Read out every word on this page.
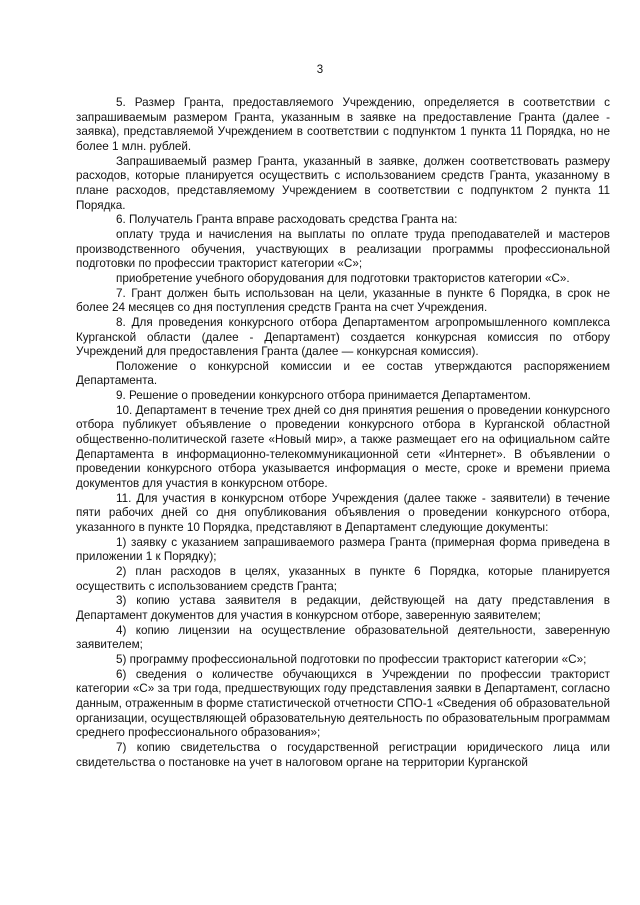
3

5. Размер Гранта, предоставляемого Учреждению, определяется в соответствии с запрашиваемым размером Гранта, указанным в заявке на предоставление Гранта (далее - заявка), представляемой Учреждением в соответствии с подпунктом 1 пункта 11 Порядка, но не более 1 млн. рублей.

Запрашиваемый размер Гранта, указанный в заявке, должен соответствовать размеру расходов, которые планируется осуществить с использованием средств Гранта, указанному в плане расходов, представляемому Учреждением в соответствии с подпунктом 2 пункта 11 Порядка.

6. Получатель Гранта вправе расходовать средства Гранта на:

оплату труда и начисления на выплаты по оплате труда преподавателей и мастеров производственного обучения, участвующих в реализации программы профессиональной подготовки по профессии тракторист категории «С»;

приобретение учебного оборудования для подготовки трактористов категории «С».

7. Грант должен быть использован на цели, указанные в пункте 6 Порядка, в срок не более 24 месяцев со дня поступления средств Гранта на счет Учреждения.

8. Для проведения конкурсного отбора Департаментом агропромышленного комплекса Курганской области (далее - Департамент) создается конкурсная комиссия по отбору Учреждений для предоставления Гранта (далее — конкурсная комиссия).

Положение о конкурсной комиссии и ее состав утверждаются распоряжением Департамента.

9. Решение о проведении конкурсного отбора принимается Департаментом.

10. Департамент в течение трех дней со дня принятия решения о проведении конкурсного отбора публикует объявление о проведении конкурсного отбора в Курганской областной общественно-политической газете «Новый мир», а также размещает его на официальном сайте Департамента в информационно-телекоммуникационной сети «Интернет». В объявлении о проведении конкурсного отбора указывается информация о месте, сроке и времени приема документов для участия в конкурсном отборе.

11. Для участия в конкурсном отборе Учреждения (далее также - заявители) в течение пяти рабочих дней со дня опубликования объявления о проведении конкурсного отбора, указанного в пункте 10 Порядка, представляют в Департамент следующие документы:

1) заявку с указанием запрашиваемого размера Гранта (примерная форма приведена в приложении 1 к Порядку);

2) план расходов в целях, указанных в пункте 6 Порядка, которые планируется осуществить с использованием средств Гранта;

3) копию устава заявителя в редакции, действующей на дату представления в Департамент документов для участия в конкурсном отборе, заверенную заявителем;

4) копию лицензии на осуществление образовательной деятельности, заверенную заявителем;

5) программу профессиональной подготовки по профессии тракторист категории «С»;

6) сведения о количестве обучающихся в Учреждении по профессии тракторист категории «С» за три года, предшествующих году представления заявки в Департамент, согласно данным, отраженным в форме статистической отчетности СПО-1 «Сведения об образовательной организации, осуществляющей образовательную деятельность по образовательным программам среднего профессионального образования»;

7) копию свидетельства о государственной регистрации юридического лица или свидетельства о постановке на учет в налоговом органе на территории Курганской
